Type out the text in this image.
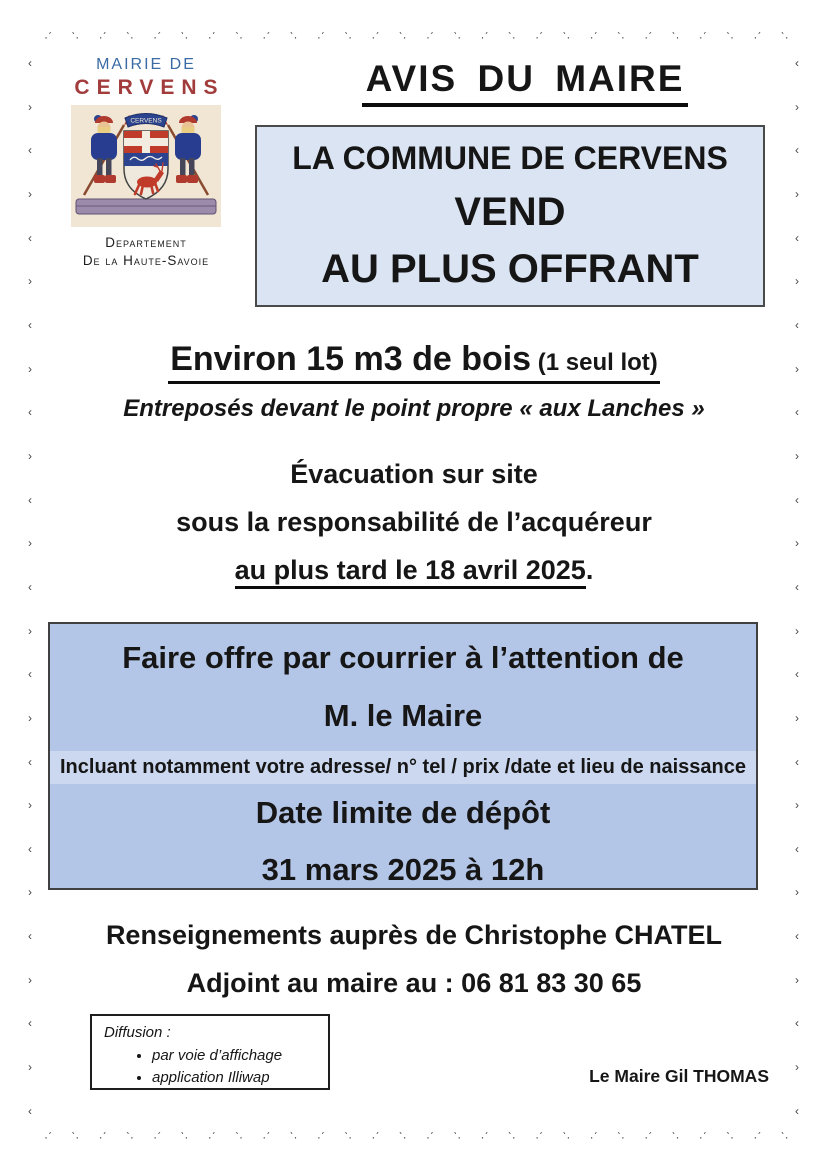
·ˊ ˋ· ·ˊ ˋ· ·ˊ ˋ· ·ˊ ˋ· ·ˊ ˋ· ·ˊ ˋ· ·ˊ ˋ· ·ˊ ˋ· ·ˊ ˋ· ·ˊ ˋ· ·ˊ ˋ· ·ˊ ˋ· ·ˊ ˋ· ·ˊ ˋ·
·ˊ ˋ· ·ˊ ˋ· ·ˊ ˋ· ·ˊ ˋ· ·ˊ ˋ· ·ˊ ˋ· ·ˊ ˋ· ·ˊ ˋ· ·ˊ ˋ· ·ˊ ˋ· ·ˊ ˋ· ·ˊ ˋ· ·ˊ ˋ· ·ˊ ˋ·
‹
›
‹
›
‹
›
‹
›
‹
›
‹
›
‹
›
‹
›
‹
›
‹
›
‹
›
‹
›
‹
‹
›
‹
›
‹
›
‹
›
‹
›
‹
›
‹
›
‹
›
‹
›
‹
›
‹
›
‹
›
‹
MAIRIE DE
CERVENS
CERVENS
Departement
De la Haute-Savoie
AVIS DU MAIRE
LA COMMUNE DE CERVENS
VEND
AU PLUS OFFRANT
Environ 15 m3 de bois (1 seul lot)
Entreposés devant le point propre « aux Lanches »
Évacuation sur site
sous la responsabilité de l’acquéreur
au plus tard le 18 avril 2025.
Faire offre par courrier à l’attention de
M. le Maire
Incluant notamment votre adresse/ n° tel / prix /date et lieu de naissance
Date limite de dépôt
31 mars 2025 à 12h
Renseignements auprès de Christophe CHATEL
Adjoint au maire au : 06 81 83 30 65

Diffusion :

• par voie d’affichage
• application Illiwap	Le Maire Gil THOMAS
